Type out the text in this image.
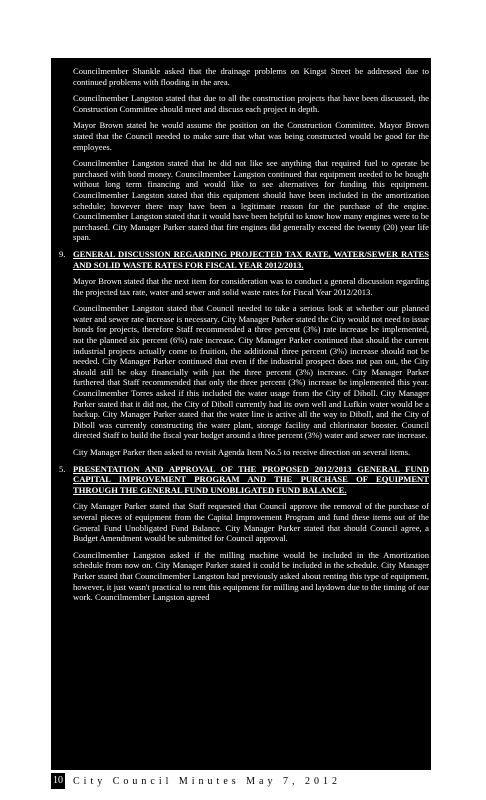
Councilmember Shankle asked that the drainage problems on Kingst Street be addressed due to continued problems with flooding in the area.

Councilmember Langston stated that due to all the construction projects that have been discussed, the Construction Committee should meet and discuss each project in depth.

Mayor Brown stated he would assume the position on the Construction Committee. Mayor Brown stated that the Council needed to make sure that what was being constructed would be good for the employees.

Councilmember Langston stated that he did not like see anything that required fuel to operate be purchased with bond money. Councilmember Langston continued that equipment needed to be bought without long term financing and would like to see alternatives for funding this equipment. Councilmember Langston stated that this equipment should have been included in the amortization schedule; however there may have been a legitimate reason for the purchase of the engine. Councilmember Langston stated that it would have been helpful to know how many engines were to be purchased. City Manager Parker stated that fire engines did generally exceed the twenty (20) year life span.

9. GENERAL DISCUSSION REGARDING PROJECTED TAX RATE, WATER/SEWER RATES AND SOLID WASTE RATES FOR FISCAL YEAR 2012/2013.

Mayor Brown stated that the next item for consideration was to conduct a general discussion regarding the projected tax rate, water and sewer and solid waste rates for Fiscal Year 2012/2013.

Councilmember Langston stated that Council needed to take a serious look at whether our planned water and sewer rate increase is necessary. City Manager Parker stated the City would not need to issue bonds for projects, therefore Staff recommended a three percent (3%) rate increase be implemented, not the planned six percent (6%) rate increase. City Manager Parker continued that should the current industrial projects actually come to fruition, the additional three percent (3%) increase should not be needed. City Manager Parker continued that even if the industrial prospect does not pan out, the City should still be okay financially with just the three percent (3%) increase. City Manager Parker furthered that Staff recommended that only the three percent (3%) increase be implemented this year. Councilmember Torres asked if this included the water usage from the City of Diboll. City Manager Parker stated that it did not, the City of Diboll currently had its own well and Lufkin water would be a backup. City Manager Parker stated that the water line is active all the way to Diboll, and the City of Diboll was currently constructing the water plant, storage facility and chlorinator booster. Council directed Staff to build the fiscal year budget around a three percent (3%) water and sewer rate increase.

City Manager Parker then asked to revisit Agenda Item No.5 to receive direction on several items.

5. PRESENTATION AND APPROVAL OF THE PROPOSED 2012/2013 GENERAL FUND CAPITAL IMPROVEMENT PROGRAM AND THE PURCHASE OF EQUIPMENT THROUGH THE GENERAL FUND UNOBLIGATED FUND BALANCE.

City Manager Parker stated that Staff requested that Council approve the removal of the purchase of several pieces of equipment from the Capital Improvement Program and fund these items out of the General Fund Unobligated Fund Balance. City Manager Parker stated that should Council agree, a Budget Amendment would be submitted for Council approval.

Councilmember Langston asked if the milling machine would be included in the Amortization schedule from now on. City Manager Parker stated it could be included in the schedule. City Manager Parker stated that Councilmember Langston had previously asked about renting this type of equipment, however, it just wasn't practical to rent this equipment for milling and laydown due to the timing of our work. Councilmember Langston agreed

10 City Council Minutes May 7, 2012
